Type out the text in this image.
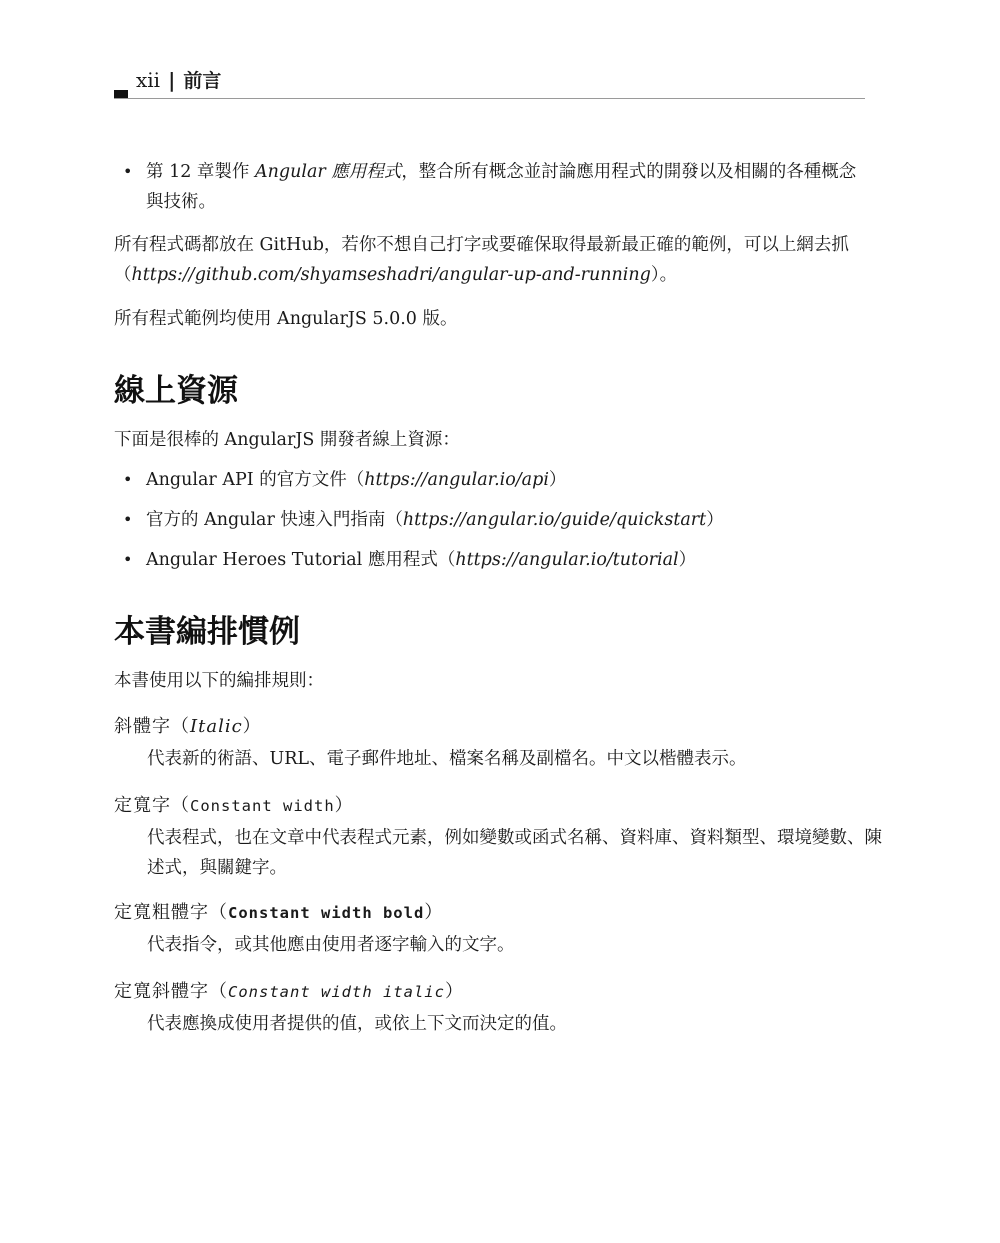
xii | 前言
• 第 12 章製作 Angular 應用程式，整合所有概念並討論應用程式的開發以及相關的各種概念與技術。

所有程式碼都放在 GitHub，若你不想自己打字或要確保取得最新最正確的範例，可以上網去抓（https://github.com/shyamseshadri/angular-up-and-running）。

所有程式範例均使用 AngularJS 5.0.0 版。

線上資源

下面是很棒的 AngularJS 開發者線上資源：

• Angular API 的官方文件（https://angular.io/api）
• 官方的 Angular 快速入門指南（https://angular.io/guide/quickstart）
• Angular Heroes Tutorial 應用程式（https://angular.io/tutorial）
本書編排慣例

本書使用以下的編排規則：

斜體字（Italic）

代表新的術語、URL、電子郵件地址、檔案名稱及副檔名。中文以楷體表示。

定寬字（Constant width）

代表程式，也在文章中代表程式元素，例如變數或函式名稱、資料庫、資料類型、環境變數、陳述式，與關鍵字。

定寬粗體字（Constant width bold）

代表指令，或其他應由使用者逐字輸入的文字。

定寬斜體字（Constant width italic）

代表應換成使用者提供的值，或依上下文而決定的值。
